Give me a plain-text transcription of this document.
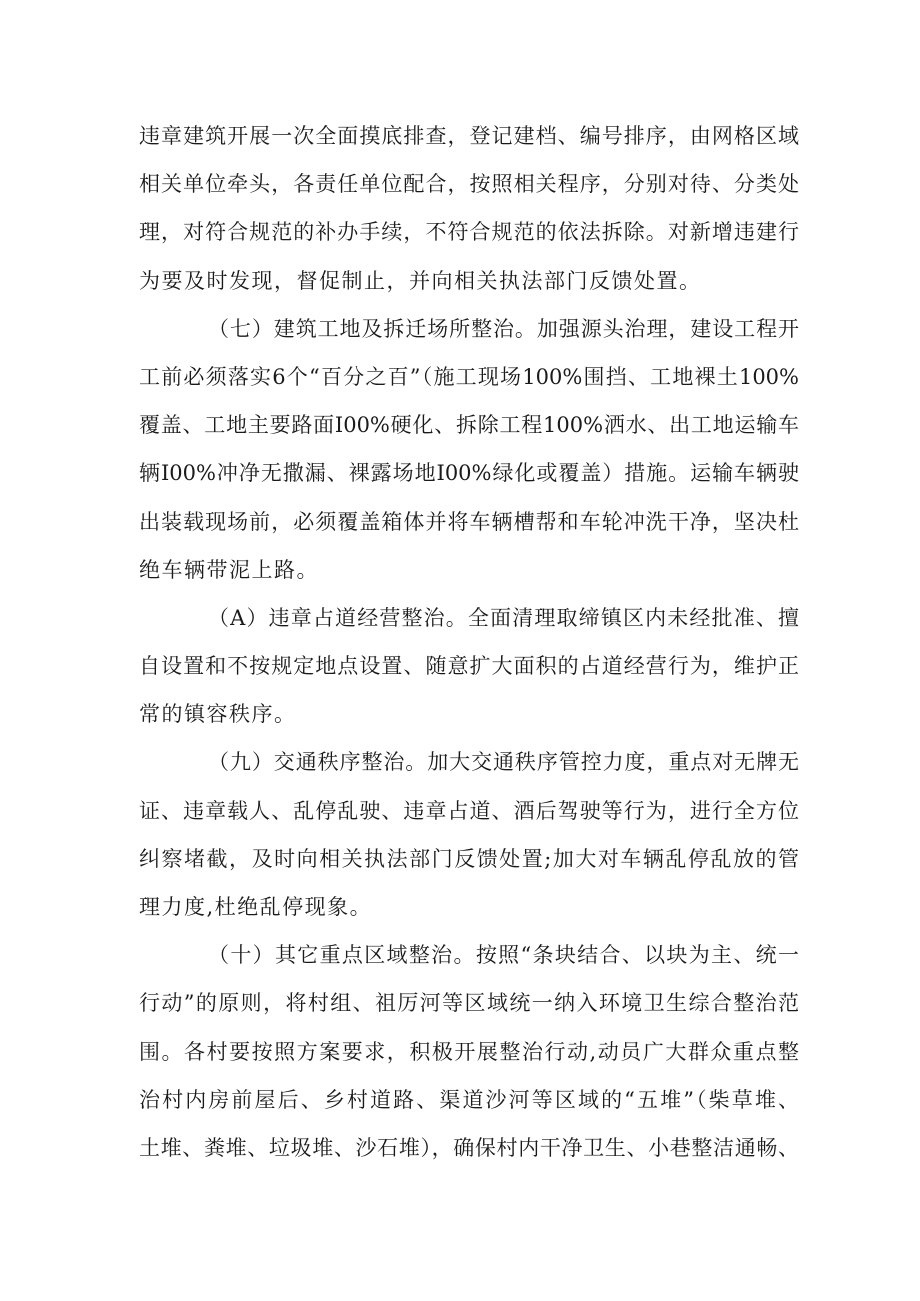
违章建筑开展一次全面摸底排查，登记建档、编号排序，由网格区域
相关单位牵头，各责任单位配合，按照相关程序，分别对待、分类处
理，对符合规范的补办手续，不符合规范的依法拆除。对新增违建行
为要及时发现，督促制止，并向相关执法部门反馈处置。
（七）建筑工地及拆迁场所整治。加强源头治理，建设工程开
工前必须落实6个“百分之百”（施工现场100%围挡、工地裸土100%
覆盖、工地主要路面I00%硬化、拆除工程100%洒水、出工地运输车
辆I00%冲净无撒漏、裸露场地I00%绿化或覆盖）措施。运输车辆驶
出装载现场前，必须覆盖箱体并将车辆槽帮和车轮冲洗干净，坚决杜
绝车辆带泥上路。
（A）违章占道经营整治。全面清理取缔镇区内未经批准、擅
自设置和不按规定地点设置、随意扩大面积的占道经营行为，维护正
常的镇容秩序。
（九）交通秩序整治。加大交通秩序管控力度，重点对无牌无
证、违章载人、乱停乱驶、违章占道、酒后驾驶等行为，进行全方位
纠察堵截，及时向相关执法部门反馈处置;加大对车辆乱停乱放的管
理力度,杜绝乱停现象。
（十）其它重点区域整治。按照“条块结合、以块为主、统一
行动”的原则，将村组、祖厉河等区域统一纳入环境卫生综合整治范
围。各村要按照方案要求，积极开展整治行动,动员广大群众重点整
治村内房前屋后、乡村道路、渠道沙河等区域的“五堆”（柴草堆、
土堆、粪堆、垃圾堆、沙石堆），确保村内干净卫生、小巷整洁通畅、
